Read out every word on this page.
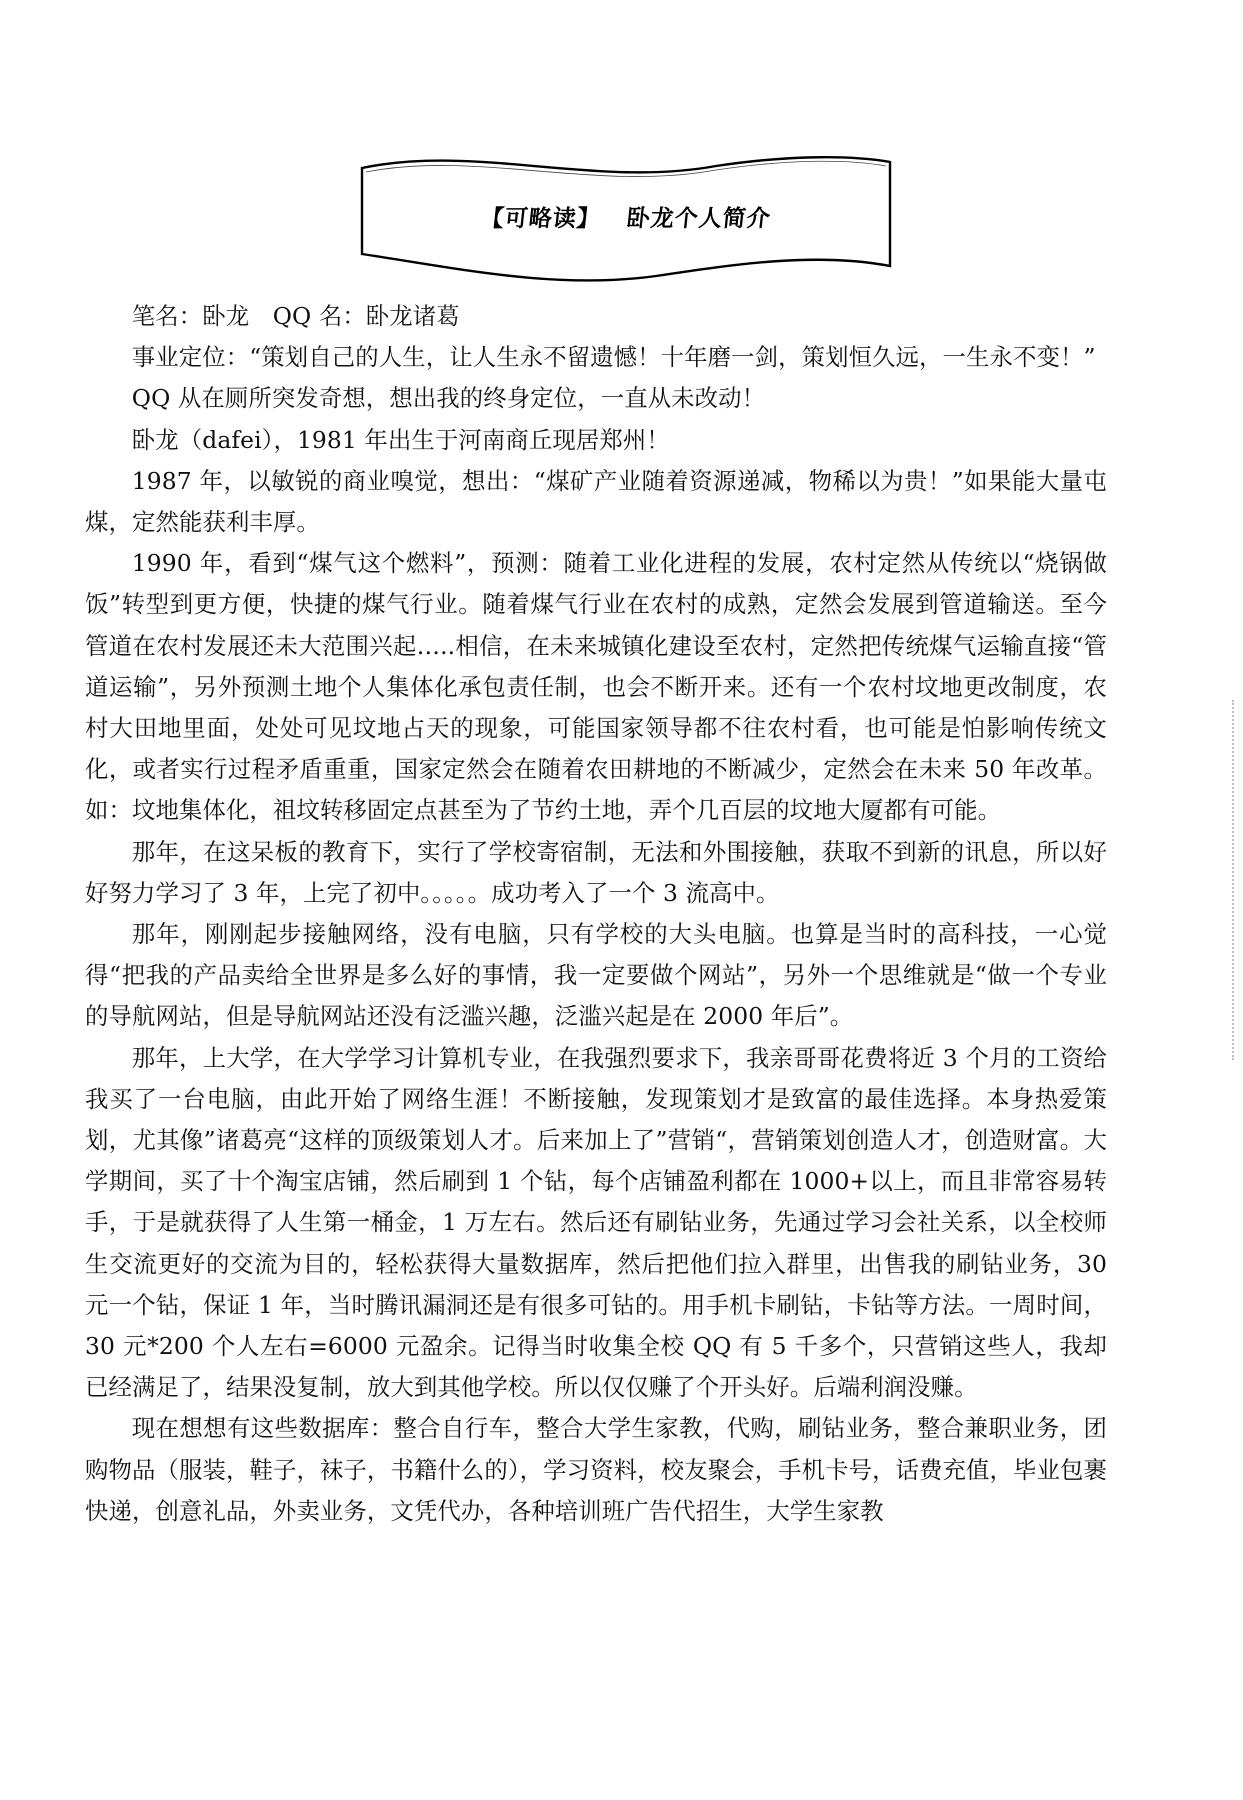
【可略读】 卧龙个人简介

笔名：卧龙　QQ 名：卧龙诸葛

事业定位：“策划自己的人生，让人生永不留遗憾！十年磨一剑，策划恒久远，一生永不变！”

QQ 从在厕所突发奇想，想出我的终身定位，一直从未改动！

卧龙（dafei），1981 年出生于河南商丘现居郑州！

1987 年，以敏锐的商业嗅觉，想出：“煤矿产业随着资源递减，物稀以为贵！”如果能大量屯煤，定然能获利丰厚。

1990 年，看到“煤气这个燃料”，预测：随着工业化进程的发展，农村定然从传统以“烧锅做饭”转型到更方便，快捷的煤气行业。随着煤气行业在农村的成熟，定然会发展到管道输送。至今管道在农村发展还未大范围兴起…..相信，在未来城镇化建设至农村，定然把传统煤气运输直接“管道运输”，另外预测土地个人集体化承包责任制，也会不断开来。还有一个农村坟地更改制度，农村大田地里面，处处可见坟地占天的现象，可能国家领导都不往农村看，也可能是怕影响传统文化，或者实行过程矛盾重重，国家定然会在随着农田耕地的不断减少，定然会在未来 50 年改革。如：坟地集体化，祖坟转移固定点甚至为了节约土地，弄个几百层的坟地大厦都有可能。

那年，在这呆板的教育下，实行了学校寄宿制，无法和外围接触，获取不到新的讯息，所以好好努力学习了 3 年，上完了初中。。。。。成功考入了一个 3 流高中。

那年，刚刚起步接触网络，没有电脑，只有学校的大头电脑。也算是当时的高科技，一心觉得“把我的产品卖给全世界是多么好的事情，我一定要做个网站”，另外一个思维就是“做一个专业的导航网站，但是导航网站还没有泛滥兴趣，泛滥兴起是在 2000 年后”。

那年，上大学，在大学学习计算机专业，在我强烈要求下，我亲哥哥花费将近 3 个月的工资给我买了一台电脑，由此开始了网络生涯！不断接触，发现策划才是致富的最佳选择。本身热爱策划，尤其像”诸葛亮“这样的顶级策划人才。后来加上了”营销“，营销策划创造人才，创造财富。大学期间，买了十个淘宝店铺，然后刷到 1 个钻，每个店铺盈利都在 1000+以上，而且非常容易转手，于是就获得了人生第一桶金，1 万左右。然后还有刷钻业务，先通过学习会社关系，以全校师生交流更好的交流为目的，轻松获得大量数据库，然后把他们拉入群里，出售我的刷钻业务，30 元一个钻，保证 1 年，当时腾讯漏洞还是有很多可钻的。用手机卡刷钻，卡钻等方法。一周时间，30 元*200 个人左右=6000 元盈余。记得当时收集全校 QQ 有 5 千多个，只营销这些人，我却已经满足了，结果没复制，放大到其他学校。所以仅仅赚了个开头好。后端利润没赚。

现在想想有这些数据库：整合自行车，整合大学生家教，代购，刷钻业务，整合兼职业务，团购物品（服装，鞋子，袜子，书籍什么的），学习资料，校友聚会，手机卡号，话费充值，毕业包裹快递，创意礼品，外卖业务，文凭代办，各种培训班广告代招生，大学生家教
